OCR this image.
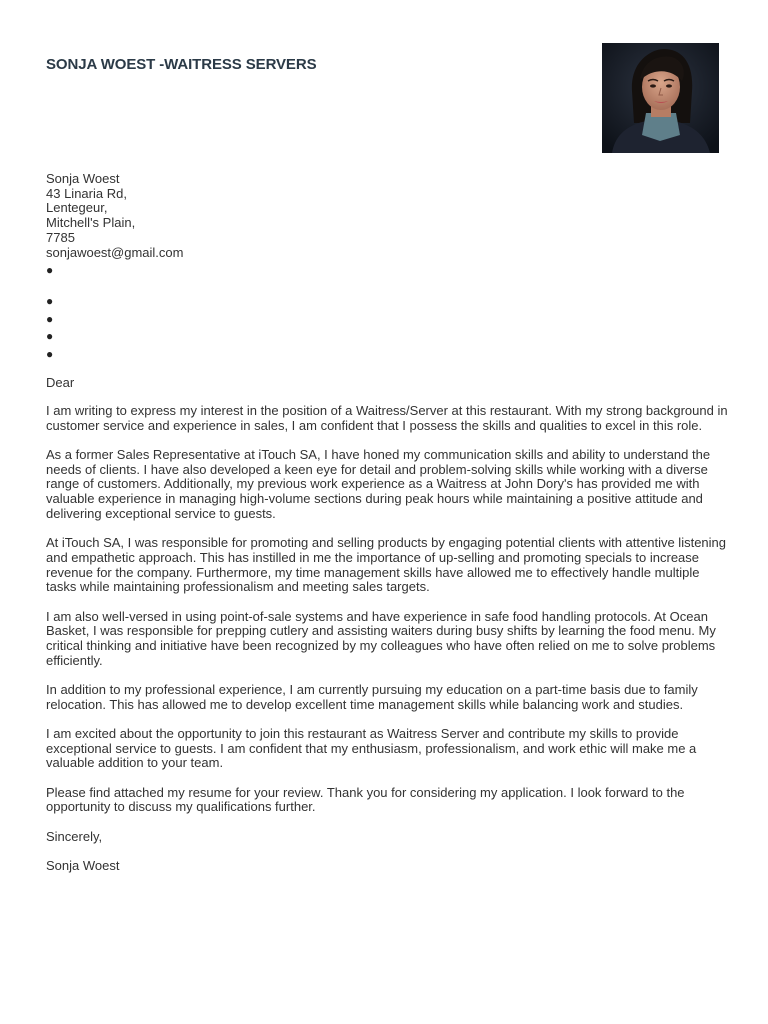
SONJA WOEST -WAITRESS SERVERS
Sonja Woest
43 Linaria Rd,
Lentegeur,
Mitchell's Plain,
7785
sonjawoest@gmail.com
●
●
●
●
●
Dear

I am writing to express my interest in the position of a Waitress/Server at this restaurant. With my strong background in customer service and experience in sales, I am confident that I possess the skills and qualities to excel in this role.

As a former Sales Representative at iTouch SA, I have honed my communication skills and ability to understand the needs of clients. I have also developed a keen eye for detail and problem-solving skills while working with a diverse range of customers. Additionally, my previous work experience as a Waitress at John Dory's has provided me with valuable experience in managing high-volume sections during peak hours while maintaining a positive attitude and delivering exceptional service to guests.

At iTouch SA, I was responsible for promoting and selling products by engaging potential clients with attentive listening and empathetic approach. This has instilled in me the importance of up-selling and promoting specials to increase revenue for the company. Furthermore, my time management skills have allowed me to effectively handle multiple tasks while maintaining professionalism and meeting sales targets.

I am also well-versed in using point-of-sale systems and have experience in safe food handling protocols. At Ocean Basket, I was responsible for prepping cutlery and assisting waiters during busy shifts by learning the food menu. My critical thinking and initiative have been recognized by my colleagues who have often relied on me to solve problems efficiently.

In addition to my professional experience, I am currently pursuing my education on a part-time basis due to family relocation. This has allowed me to develop excellent time management skills while balancing work and studies.

I am excited about the opportunity to join this restaurant as Waitress Server and contribute my skills to provide exceptional service to guests. I am confident that my enthusiasm, professionalism, and work ethic will make me a valuable addition to your team.

Please find attached my resume for your review. Thank you for considering my application. I look forward to the opportunity to discuss my qualifications further.

Sincerely,
Sonja Woest
